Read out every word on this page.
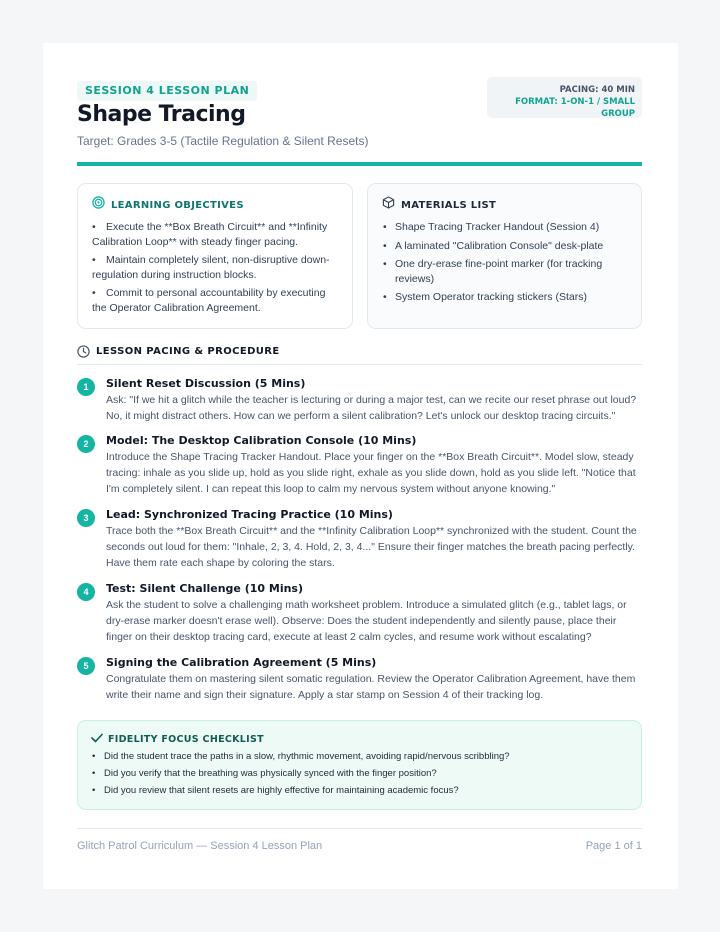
SESSION 4 LESSON PLAN
Shape Tracing
Target: Grades 3-5 (Tactile Regulation & Silent Resets)
PACING: 40 MIN
FORMAT: 1-ON-1 / SMALL GROUP
LEARNING OBJECTIVES
• Execute the **Box Breath Circuit** and **Infinity Calibration Loop** with steady finger pacing.
• Maintain completely silent, non-disruptive down-regulation during instruction blocks.
• Commit to personal accountability by executing the Operator Calibration Agreement.
MATERIALS LIST
• Shape Tracing Tracker Handout (Session 4)
• A laminated "Calibration Console" desk-plate
• One dry-erase fine-point marker (for tracking reviews)
• System Operator tracking stickers (Stars)
LESSON PACING & PROCEDURE
1	Silent Reset Discussion (5 Mins)
Ask: "If we hit a glitch while the teacher is lecturing or during a major test, can we recite our reset phrase out loud? No, it might distract others. How can we perform a silent calibration? Let's unlock our desktop tracing circuits."
2	Model: The Desktop Calibration Console (10 Mins)
Introduce the Shape Tracing Tracker Handout. Place your finger on the **Box Breath Circuit**. Model slow, steady tracing: inhale as you slide up, hold as you slide right, exhale as you slide down, hold as you slide left. "Notice that I'm completely silent. I can repeat this loop to calm my nervous system without anyone knowing."
3	Lead: Synchronized Tracing Practice (10 Mins)
Trace both the **Box Breath Circuit** and the **Infinity Calibration Loop** synchronized with the student. Count the seconds out loud for them: "Inhale, 2, 3, 4. Hold, 2, 3, 4..." Ensure their finger matches the breath pacing perfectly. Have them rate each shape by coloring the stars.
4	Test: Silent Challenge (10 Mins)
Ask the student to solve a challenging math worksheet problem. Introduce a simulated glitch (e.g., tablet lags, or dry-erase marker doesn't erase well). Observe: Does the student independently and silently pause, place their finger on their desktop tracing card, execute at least 2 calm cycles, and resume work without escalating?
5	Signing the Calibration Agreement (5 Mins)
Congratulate them on mastering silent somatic regulation. Review the Operator Calibration Agreement, have them write their name and sign their signature. Apply a star stamp on Session 4 of their tracking log.
FIDELITY FOCUS CHECKLIST
• Did the student trace the paths in a slow, rhythmic movement, avoiding rapid/nervous scribbling?
• Did you verify that the breathing was physically synced with the finger position?
• Did you review that silent resets are highly effective for maintaining academic focus?
Glitch Patrol Curriculum — Session 4 Lesson Plan	Page 1 of 1
